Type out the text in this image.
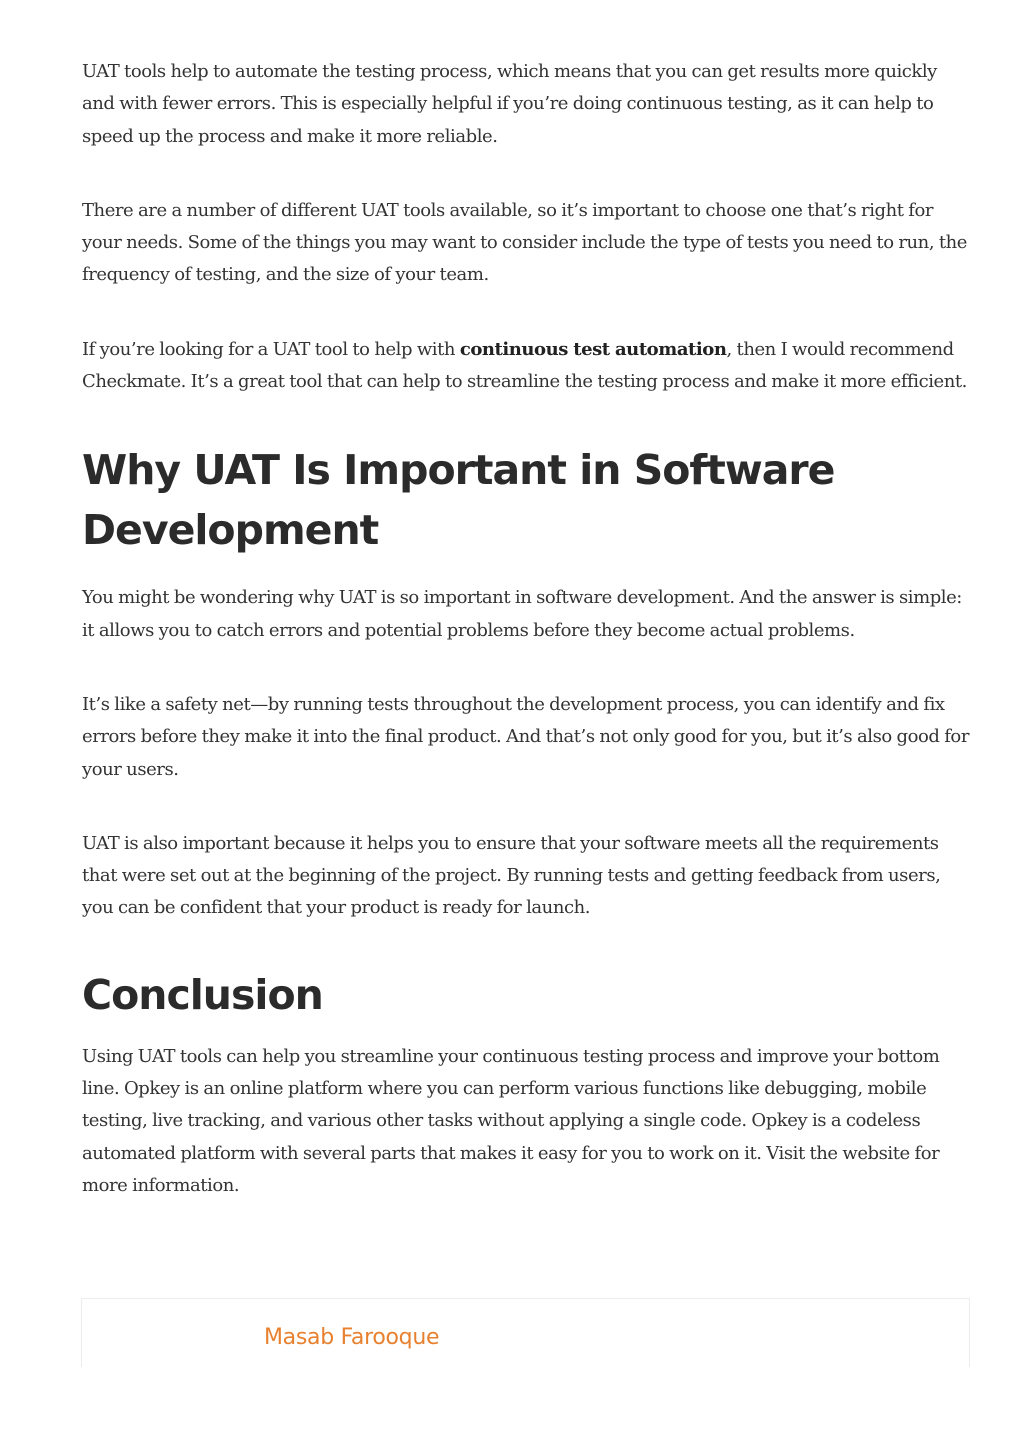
UAT tools help to automate the testing process, which means that you can get results more quickly and with fewer errors. This is especially helpful if you’re doing continuous testing, as it can help to speed up the process and make it more reliable.

There are a number of different UAT tools available, so it’s important to choose one that’s right for your needs. Some of the things you may want to consider include the type of tests you need to run, the frequency of testing, and the size of your team.

If you’re looking for a UAT tool to help with continuous test automation, then I would recommend Checkmate. It’s a great tool that can help to streamline the testing process and make it more efficient.

Why UAT Is Important in Software Development

You might be wondering why UAT is so important in software development. And the answer is simple: it allows you to catch errors and potential problems before they become actual problems.

It’s like a safety net—by running tests throughout the development process, you can identify and fix errors before they make it into the final product. And that’s not only good for you, but it’s also good for your users.

UAT is also important because it helps you to ensure that your software meets all the requirements that were set out at the beginning of the project. By running tests and getting feedback from users, you can be confident that your product is ready for launch.

Conclusion

Using UAT tools can help you streamline your continuous testing process and improve your bottom line. Opkey is an online platform where you can perform various functions like debugging, mobile testing, live tracking, and various other tasks without applying a single code. Opkey is a codeless automated platform with several parts that makes it easy for you to work on it. Visit the website for more information.

Masab Farooque
